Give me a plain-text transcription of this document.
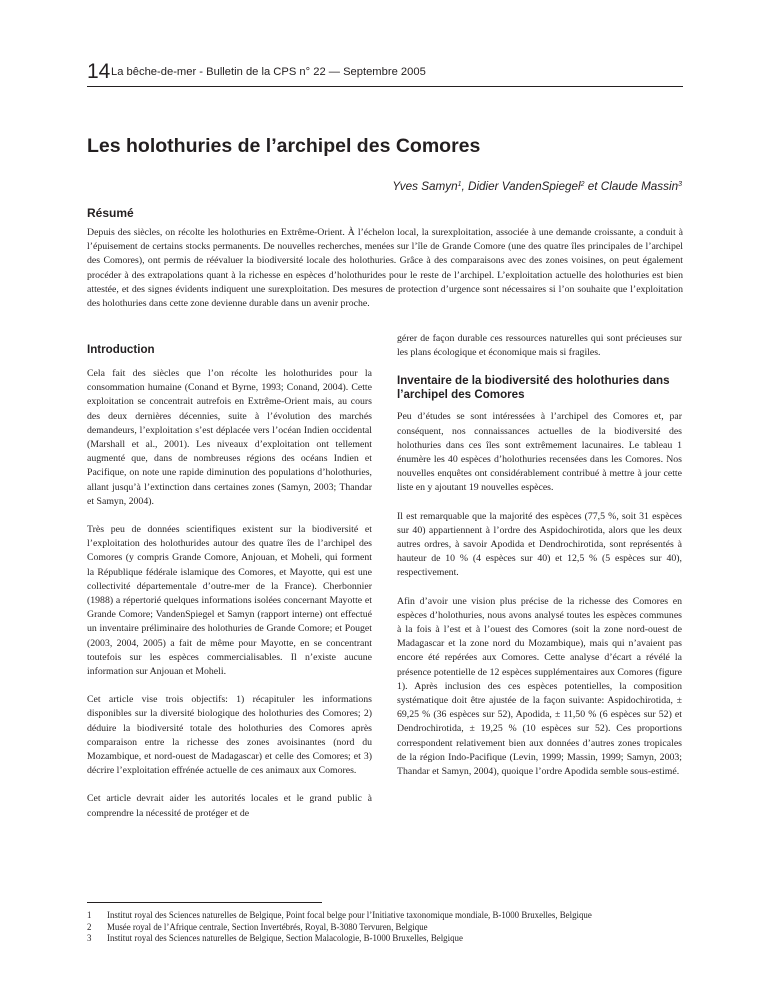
14 La bêche-de-mer - Bulletin de la CPS n° 22 — Septembre 2005
Les holothuries de l’archipel des Comores
Yves Samyn$^1$, Didier VandenSpiegel$^2$ et Claude Massin$^3$
Résumé

Depuis des siècles, on récolte les holothuries en Extrême-Orient. À l’échelon local, la surexploitation, associée à une demande croissante, a conduit à l’épuisement de certains stocks permanents. De nouvelles recherches, menées sur l’île de Grande Comore (une des quatre îles principales de l’archipel des Comores), ont permis de réévaluer la biodiversité locale des holothuries. Grâce à des comparaisons avec des zones voisines, on peut également procéder à des extrapolations quant à la richesse en espèces d’holothurides pour le reste de l’archipel. L’exploitation actuelle des holothuries est bien attestée, et des signes évidents indiquent une surexploitation. Des mesures de protection d’urgence sont nécessaires si l’on souhaite que l’exploitation des holothuries dans cette zone devienne durable dans un avenir proche.

Introduction

Cela fait des siècles que l’on récolte les holothurides pour la consommation humaine (Conand et Byrne, 1993; Conand, 2004). Cette exploitation se concentrait autrefois en Extrême-Orient mais, au cours des deux dernières décennies, suite à l’évolution des marchés demandeurs, l’exploitation s’est déplacée vers l’océan Indien occidental (Marshall et al., 2001). Les niveaux d’exploitation ont tellement augmenté que, dans de nombreuses régions des océans Indien et Pacifique, on note une rapide diminution des populations d’holothuries, allant jusqu’à l’extinction dans certaines zones (Samyn, 2003; Thandar et Samyn, 2004).

Très peu de données scientifiques existent sur la biodiversité et l’exploitation des holothurides autour des quatre îles de l’archipel des Comores (y compris Grande Comore, Anjouan, et Moheli, qui forment la République fédérale islamique des Comores, et Mayotte, qui est une collectivité départementale d’outre-mer de la France). Cherbonnier (1988) a répertorié quelques informations isolées concernant Mayotte et Grande Comore; VandenSpiegel et Samyn (rapport interne) ont effectué un inventaire préliminaire des holothuries de Grande Comore; et Pouget (2003, 2004, 2005) a fait de même pour Mayotte, en se concentrant toutefois sur les espèces commercialisables. Il n’existe aucune information sur Anjouan et Moheli.

Cet article vise trois objectifs: 1) récapituler les informations disponibles sur la diversité biologique des holothuries des Comores; 2) déduire la biodiversité totale des holothuries des Comores après comparaison entre la richesse des zones avoisinantes (nord du Mozambique, et nord-ouest de Madagascar) et celle des Comores; et 3) décrire l’exploitation effrénée actuelle de ces animaux aux Comores.

Cet article devrait aider les autorités locales et le grand public à comprendre la nécessité de protéger et de

gérer de façon durable ces ressources naturelles qui sont précieuses sur les plans écologique et économique mais si fragiles.

Inventaire de la biodiversité des holothuries dans l’archipel des Comores

Peu d’études se sont intéressées à l’archipel des Comores et, par conséquent, nos connaissances actuelles de la biodiversité des holothuries dans ces îles sont extrêmement lacunaires. Le tableau 1 énumère les 40 espèces d’holothuries recensées dans les Comores. Nos nouvelles enquêtes ont considérablement contribué à mettre à jour cette liste en y ajoutant 19 nouvelles espèces.

Il est remarquable que la majorité des espèces (77,5 %, soit 31 espèces sur 40) appartiennent à l’ordre des Aspidochirotida, alors que les deux autres ordres, à savoir Apodida et Dendrochirotida, sont représentés à hauteur de 10 % (4 espèces sur 40) et 12,5 % (5 espèces sur 40), respectivement.

Afin d’avoir une vision plus précise de la richesse des Comores en espèces d’holothuries, nous avons analysé toutes les espèces communes à la fois à l’est et à l’ouest des Comores (soit la zone nord-ouest de Madagascar et la zone nord du Mozambique), mais qui n’avaient pas encore été repérées aux Comores. Cette analyse d’écart a révélé la présence potentielle de 12 espèces supplémentaires aux Comores (figure 1). Après inclusion des ces espèces potentielles, la composition systématique doit être ajustée de la façon suivante: Aspidochirotida, ± 69,25 % (36 espèces sur 52), Apodida, ± 11,50 % (6 espèces sur 52) et Dendrochirotida, ± 19,25 % (10 espèces sur 52). Ces proportions correspondent relativement bien aux données d’autres zones tropicales de la région Indo-Pacifique (Levin, 1999; Massin, 1999; Samyn, 2003; Thandar et Samyn, 2004), quoique l’ordre Apodida semble sous-estimé.

1	Institut royal des Sciences naturelles de Belgique, Point focal belge pour l’Initiative taxonomique mondiale, B-1000 Bruxelles, Belgique
2	Musée royal de l’Afrique centrale, Section Invertébrés, Royal, B-3080 Tervuren, Belgique
3	Institut royal des Sciences naturelles de Belgique, Section Malacologie, B-1000 Bruxelles, Belgique
